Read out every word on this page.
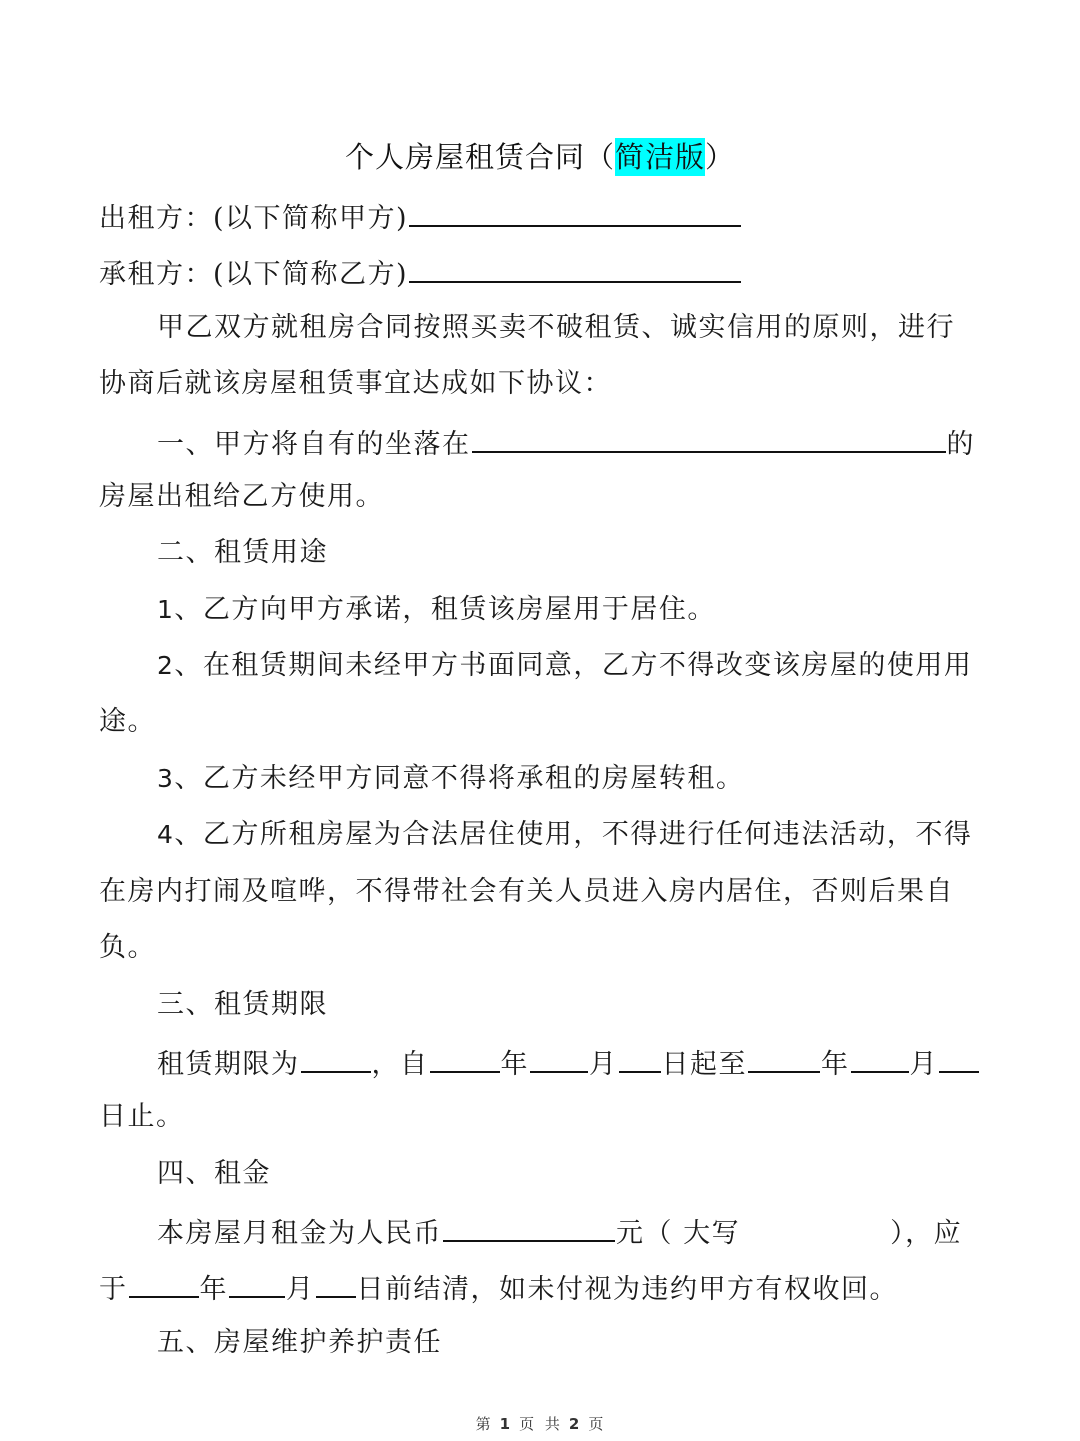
个人房屋租赁合同（简洁版）
出租方：(以下简称甲方)
承租方：(以下简称乙方)
甲乙双方就租房合同按照买卖不破租赁、诚实信用的原则，进行
协商后就该房屋租赁事宜达成如下协议：
一、甲方将自有的坐落在	的
房屋出租给乙方使用。
二、租赁用途
1、乙方向甲方承诺，租赁该房屋用于居住。
2、在租赁期间未经甲方书面同意，乙方不得改变该房屋的使用用
途。
3、乙方未经甲方同意不得将承租的房屋转租。
4、乙方所租房屋为合法居住使用，不得进行任何违法活动，不得
在房内打闹及喧哗，不得带社会有关人员进入房内居住，否则后果自
负。
三、租赁期限
租赁期限为	，自	年 月 日起至	年 月
日止。
四、租金
本房屋月租金为人民币	元（ 大写	），应
于	年 月 日前结清，如未付视为违约甲方有权收回。
五、房屋维护养护责任
第 1 页 共 2 页
